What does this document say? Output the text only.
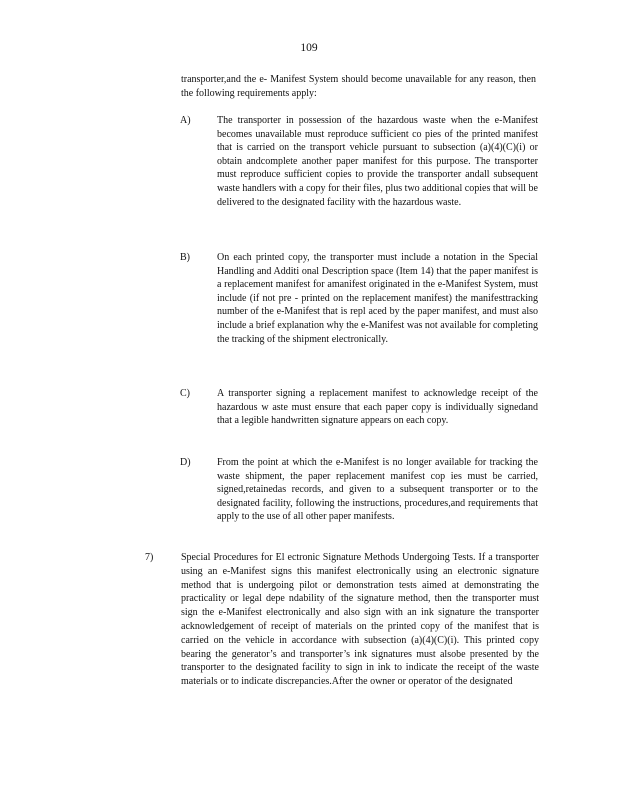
109
transporter,and the e- Manifest System should become unavailable for any reason, then the following requirements apply:
A)	The transporter in possession of the hazardous waste when the e-Manifest becomes unavailable must reproduce sufficient co pies of the printed manifest that is carried on the transport vehicle pursuant to subsection (a)(4)(C)(i) or obtain andcomplete another paper manifest for this purpose. The transporter must reproduce sufficient copies to provide the transporter andall subsequent waste handlers with a copy for their files, plus two additional copies that will be delivered to the designated facility with the hazardous waste.
B)	On each printed copy, the transporter must include a notation in the Special Handling and Additi onal Description space (Item 14) that the paper manifest is a replacement manifest for amanifest originated in the e-Manifest System, must include (if not pre - printed on the replacement manifest) the manifesttracking number of the e-Manifest that is repl aced by the paper manifest, and must also include a brief explanation why the e-Manifest was not available for completing the tracking of the shipment electronically.
C)	A transporter signing a replacement manifest to acknowledge receipt of the hazardous w aste must ensure that each paper copy is individually signedand that a legible handwritten signature appears on each copy.
D)	From the point at which the e-Manifest is no longer available for tracking the waste shipment, the paper replacement manifest cop ies must be carried, signed,retainedas records, and given to a subsequent transporter or to the designated facility, following the instructions, procedures,and requirements that apply to the use of all other paper manifests.
7)	Special Procedures for El ectronic Signature Methods Undergoing Tests. If a transporter using an e-Manifest signs this manifest electronically using an electronic signature method that is undergoing pilot or demonstration tests aimed at demonstrating the practicality or legal depe ndability of the signature method, then the transporter must sign the e-Manifest electronically and also sign with an ink signature the transporter acknowledgement of receipt of materials on the printed copy of the manifest that is carried on the vehicle in accordance with subsection (a)(4)(C)(i). This printed copy bearing the generator’s and transporter’s ink signatures must alsobe presented by the transporter to the designated facility to sign in ink to indicate the receipt of the waste materials or to indicate discrepancies.After the owner or operator of the designated
